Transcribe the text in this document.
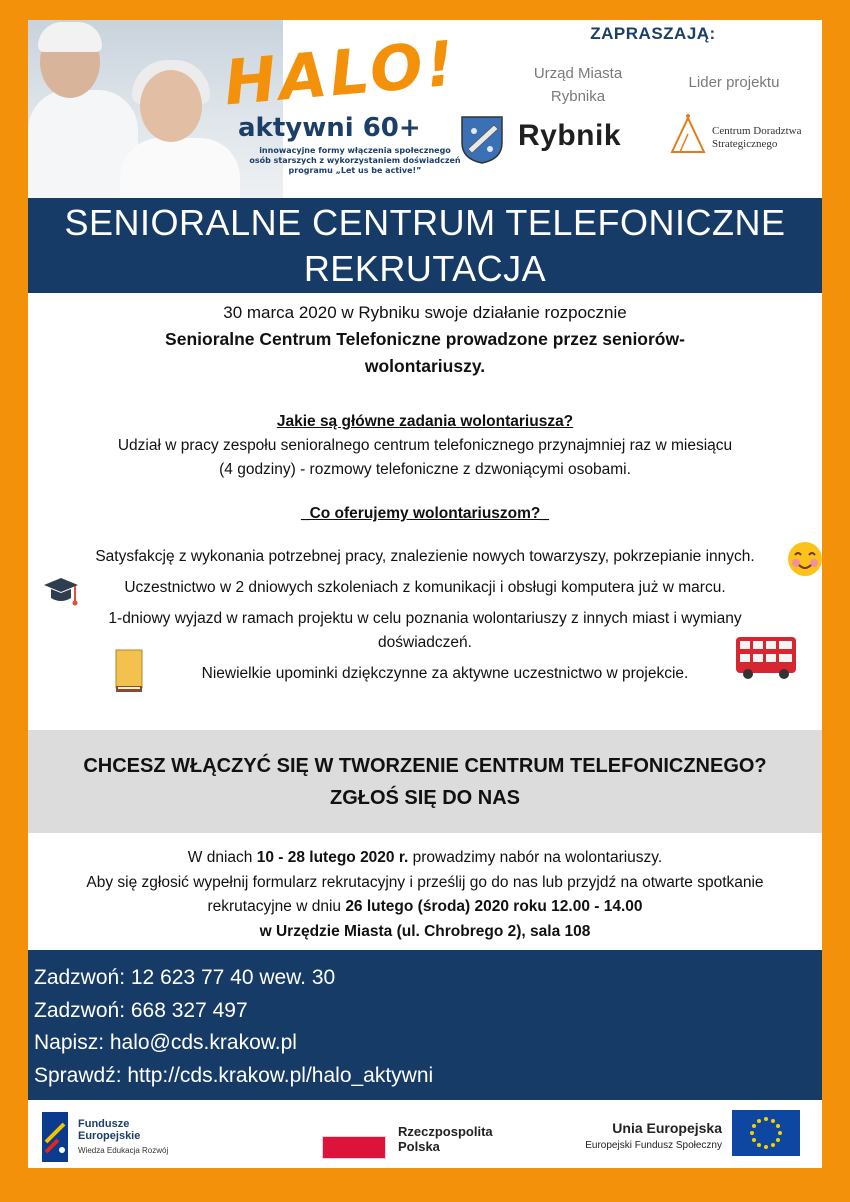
HALO!
aktywni 60+
innowacyjne formy włączenia społecznego
osób starszych z wykorzystaniem doświadczeń
programu „Let us be active!”
ZAPRASZAJĄ:
Urząd Miasta
Rybnika
Lider projektu
Rybnik	Centrum Doradztwa
Strategicznego
SENIORALNE CENTRUM TELEFONICZNE
REKRUTACJA
30 marca 2020 w Rybniku swoje działanie rozpocznie
Senioralne Centrum Telefoniczne prowadzone przez seniorów-
wolontariuszy.
Jakie są główne zadania wolontariusza?
Udział w pracy zespołu senioralnego centrum telefonicznego przynajmniej raz w miesiącu
(4 godziny) - rozmowy telefoniczne z dzwoniącymi osobami.
_Co oferujemy wolontariuszom?_
Satysfakcję z wykonania potrzebnej pracy, znalezienie nowych towarzyszy, pokrzepianie innych.
Uczestnictwo w 2 dniowych szkoleniach z komunikacji i obsługi komputera już w marcu.
1-dniowy wyjazd w ramach projektu w celu poznania wolontariuszy z innych miast i wymiany
doświadczeń.
Niewielkie upominki dziękczynne za aktywne uczestnictwo w projekcie.
CHCESZ WŁĄCZYĆ SIĘ W TWORZENIE CENTRUM TELEFONICZNEGO?
ZGŁOŚ SIĘ DO NAS
W dniach 10 - 28 lutego 2020 r. prowadzimy nabór na wolontariuszy.
Aby się zgłosić wypełnij formularz rekrutacyjny i prześlij go do nas lub przyjdź na otwarte spotkanie
rekrutacyjne w dniu 26 lutego (środa) 2020 roku 12.00 - 14.00
w Urzędzie Miasta (ul. Chrobrego 2), sala 108
Zadzwoń: 12 623 77 40 wew. 30
Zadzwoń: 668 327 497
Napisz: halo@cds.krakow.pl
Sprawdź: http://cds.krakow.pl/halo_aktywni
Fundusze
Europejskie
Wiedza Edukacja Rozwój
Rzeczpospolita
Polska
Unia Europejska
Europejski Fundusz Społeczny
